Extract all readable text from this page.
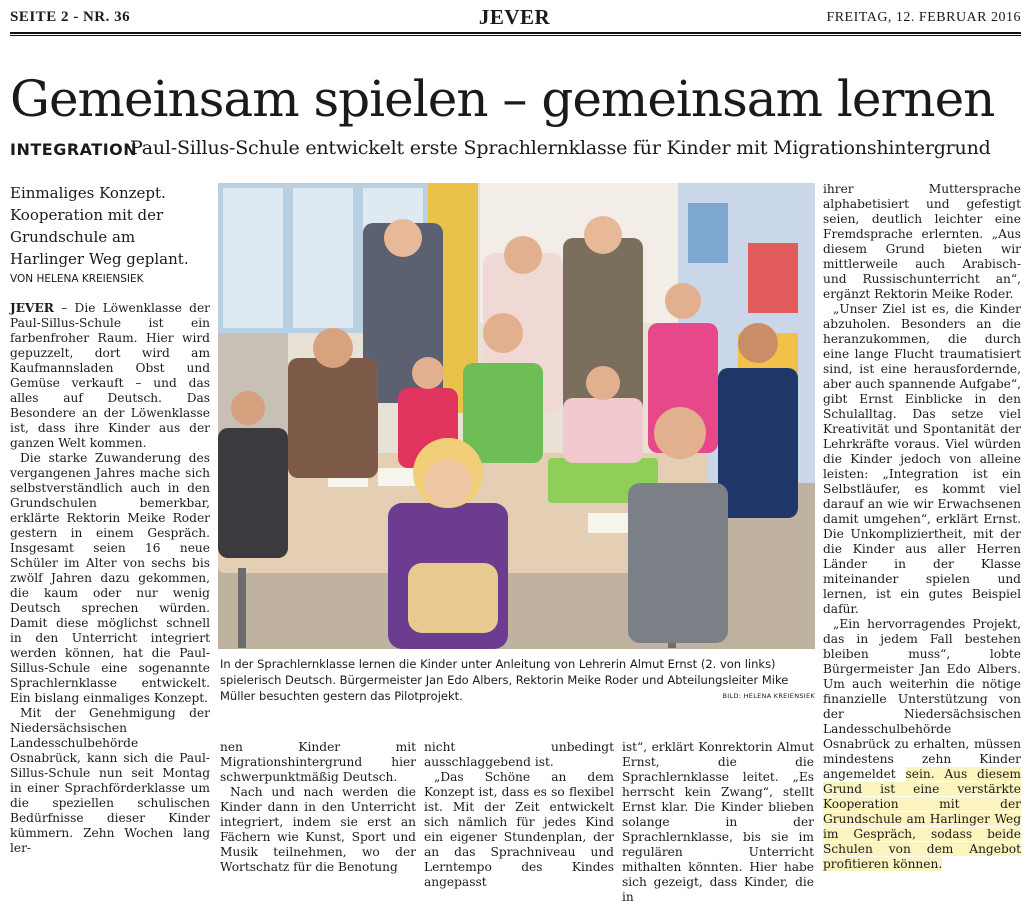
SEITE 2 - NR. 36	JEVER	FREITAG, 12. FEBRUAR 2016
Gemeinsam spielen – gemeinsam lernen
INTEGRATION
Paul-Sillus-Schule entwickelt erste Sprachlernklasse für Kinder mit Migrationshintergrund
Einmaliges Konzept. Kooperation mit der Grundschule am Harlinger Weg geplant.
VON HELENA KREIENSIEK

JEVER – Die Löwenklasse der Paul-Sillus-Schule ist ein farbenfroher Raum. Hier wird gepuzzelt, dort wird am Kaufmannsladen Obst und Gemüse verkauft – und das alles auf Deutsch. Das Besondere an der Löwenklasse ist, dass ihre Kinder aus der ganzen Welt kommen.

Die starke Zuwanderung des vergangenen Jahres mache sich selbstverständlich auch in den Grundschulen bemerkbar, erklärte Rektorin Meike Roder gestern in einem Gespräch. Insgesamt seien 16 neue Schüler im Alter von sechs bis zwölf Jahren dazu gekommen, die kaum oder nur wenig Deutsch sprechen würden. Damit diese möglichst schnell in den Unterricht integriert werden können, hat die Paul-Sillus-Schule eine sogenannte Sprachlernklasse entwickelt. Ein bislang einmaliges Konzept.

Mit der Genehmigung der Niedersächsischen Landesschulbehörde Osnabrück, kann sich die Paul-Sillus-Schule nun seit Montag in einer Sprachförderklasse um die speziellen schulischen Bedürfnisse dieser Kinder kümmern. Zehn Wochen lang ler-

In der Sprachlernklasse lernen die Kinder unter Anleitung von Lehrerin Almut Ernst (2. von links) spielerisch Deutsch. Bürgermeister Jan Edo Albers, Rektorin Meike Roder und Abteilungsleiter Mike Müller besuchten gestern das Pilotprojekt.	BILD: HELENA KREIENSIEK

nen Kinder mit Migrationshintergrund hier schwerpunktmäßig Deutsch.

Nach und nach werden die Kinder dann in den Unterricht integriert, indem sie erst an Fächern wie Kunst, Sport und Musik teilnehmen, wo der Wortschatz für die Benotung

nicht unbedingt ausschlaggebend ist.

„Das Schöne an dem Konzept ist, dass es so flexibel ist. Mit der Zeit entwickelt sich nämlich für jedes Kind ein eigener Stundenplan, der an das Sprachniveau und Lerntempo des Kindes angepasst

ist“, erklärt Konrektorin Almut Ernst, die die Sprachlernklasse leitet. „Es herrscht kein Zwang“, stellt Ernst klar. Die Kinder blieben solange in der Sprachlernklasse, bis sie im regulären Unterricht mithalten könnten. Hier habe sich gezeigt, dass Kinder, die in

ihrer Muttersprache alphabetisiert und gefestigt seien, deutlich leichter eine Fremdsprache erlernten. „Aus diesem Grund bieten wir mittlerweile auch Arabisch- und Russischunterricht an“, ergänzt Rektorin Meike Roder.

„Unser Ziel ist es, die Kinder abzuholen. Besonders an die heranzukommen, die durch eine lange Flucht traumatisiert sind, ist eine herausfordernde, aber auch spannende Aufgabe“, gibt Ernst Einblicke in den Schulalltag. Das setze viel Kreativität und Spontanität der Lehrkräfte voraus. Viel würden die Kinder jedoch von alleine leisten: „Integration ist ein Selbstläufer, es kommt viel darauf an wie wir Erwachsenen damit umgehen“, erklärt Ernst. Die Unkompliziertheit, mit der die Kinder aus aller Herren Länder in der Klasse miteinander spielen und lernen, ist ein gutes Beispiel dafür.

„Ein hervorragendes Projekt, das in jedem Fall bestehen bleiben muss“, lobte Bürgermeister Jan Edo Albers. Um auch weiterhin die nötige finanzielle Unterstützung von der Niedersächsischen Landesschulbehörde Osnabrück zu erhalten, müssen mindestens zehn Kinder angemeldet sein. Aus diesem Grund ist eine verstärkte Kooperation mit der Grundschule am Harlinger Weg im Gespräch, sodass beide Schulen von dem Angebot profitieren können.
